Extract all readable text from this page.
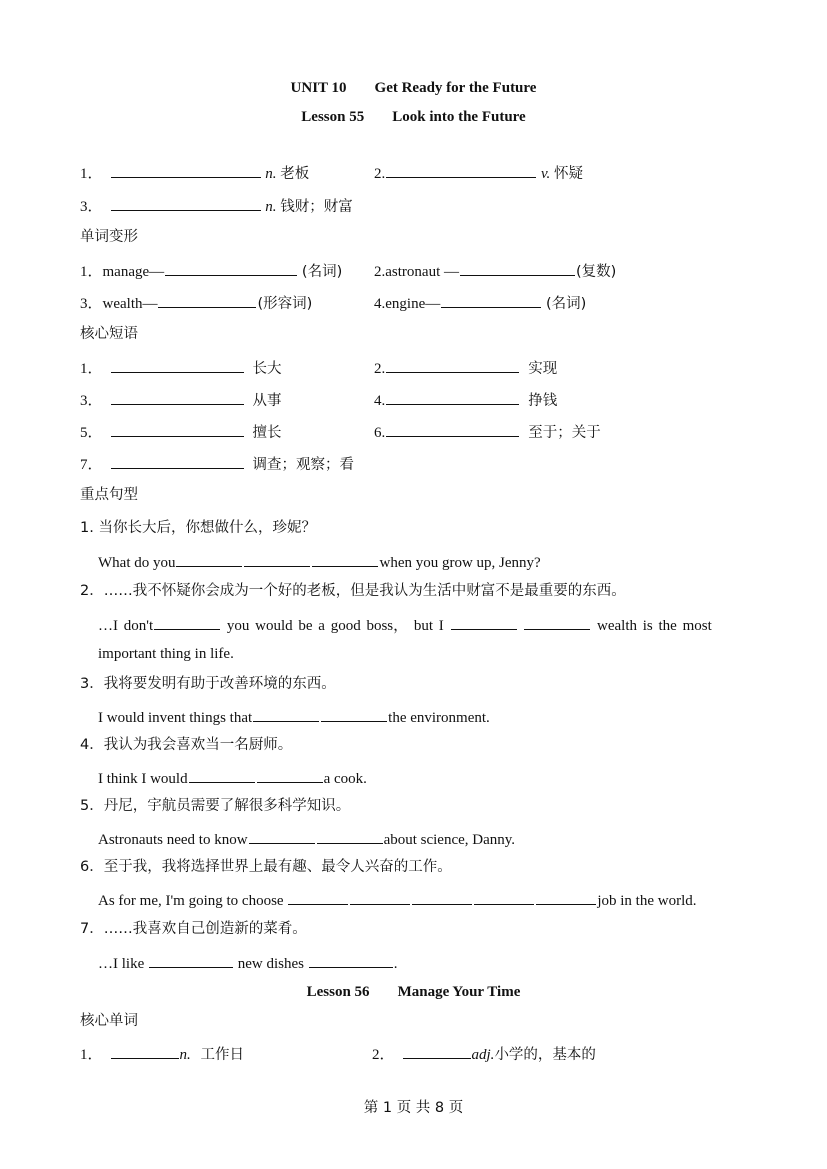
UNIT 10 Get Ready for the Future
Lesson 55 Look into the Future
1．	n. 老板	2.	v. 怀疑
3．	n. 钱财；财富
单词变形
1．manage—	(名词) 2.astronaut —	(复数)
3．wealth—	(形容词)	4.engine—	(名词)
核心短语
1．	长大	2.	实现
3．	从事	4.	挣钱
5．	擅长	6.	至于；关于
7．	调查；观察；看
重点句型
1. 当你长大后，你想做什么，珍妮？
What do you	when you grow up, Jenny?
2．……我不怀疑你会成为一个好的老板，但是我认为生活中财富不是最重要的东西。
…I don't	you would be a good boss， but I	wealth is the most
important thing in life.
3．我将要发明有助于改善环境的东西。
I would invent things that	the environment.
4．我认为我会喜欢当一名厨师。
I think I would	a cook.
5．丹尼，宇航员需要了解很多科学知识。
Astronauts need to know	about science, Danny.
6．至于我，我将选择世界上最有趣、最令人兴奋的工作。
As for me, I'm going to choose	job in the world.
7．……我喜欢自己创造新的菜肴。
…I like	new dishes	.
Lesson 56 Manage Your Time
核心单词
1．	n. 工作日	2．	adj.小学的，基本的
第 1 页 共 8 页
